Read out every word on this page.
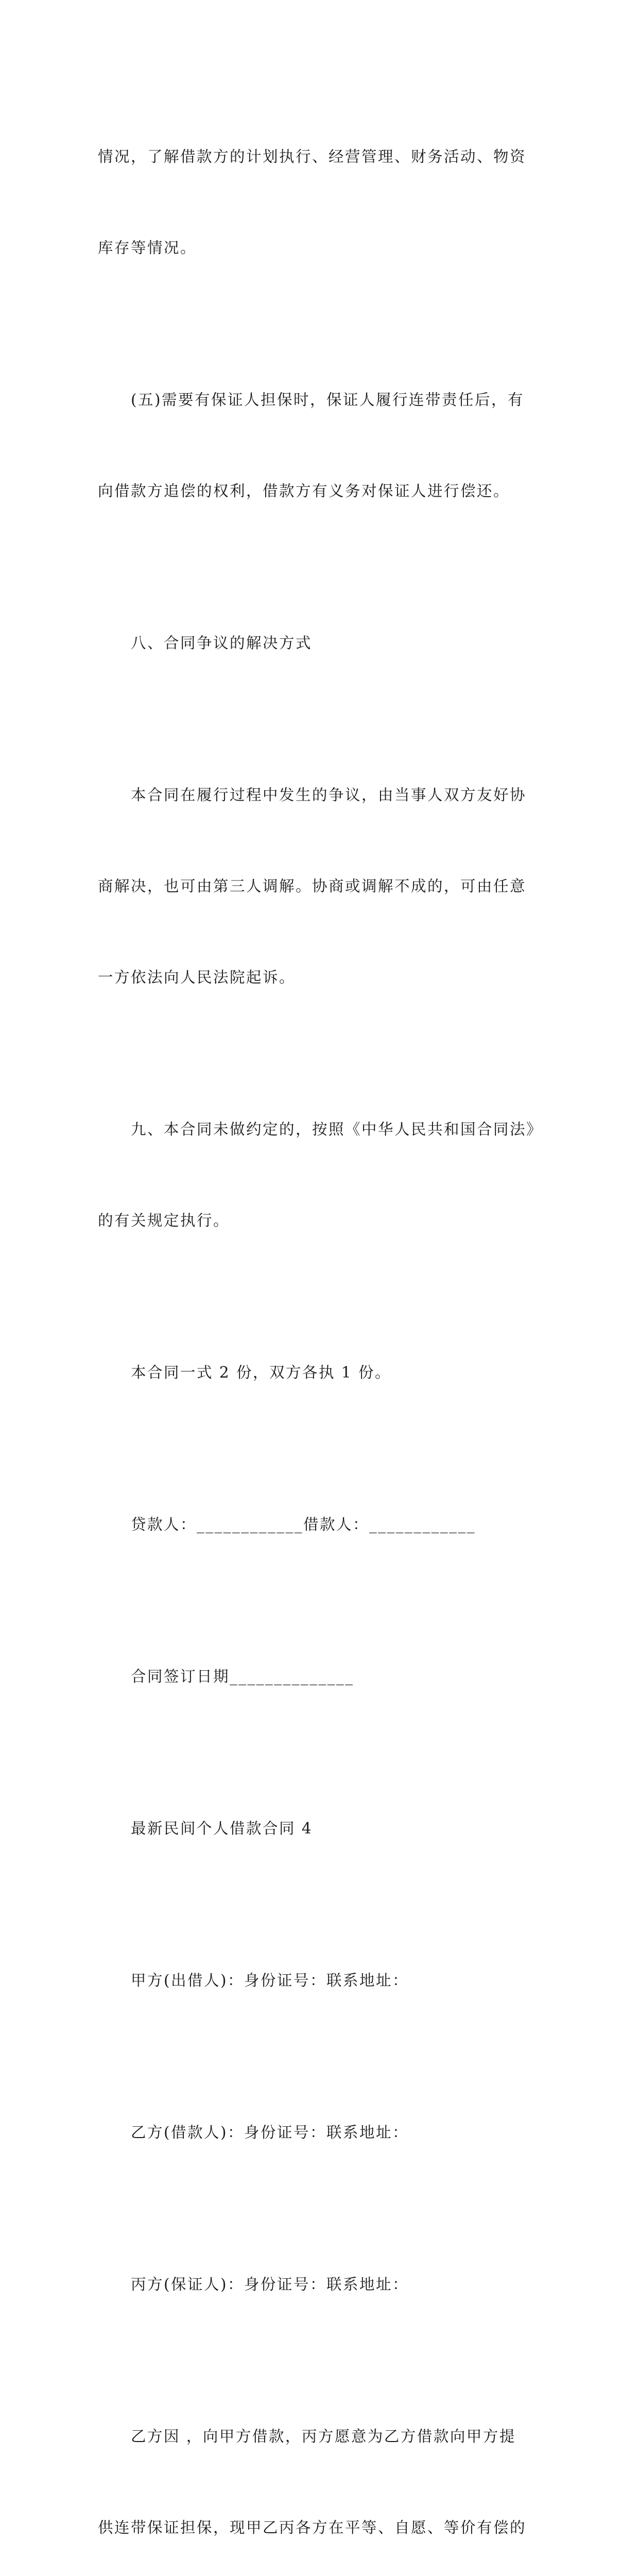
情况，了解借款方的计划执行、经营管理、财务活动、物资

库存等情况。

(五)需要有保证人担保时，保证人履行连带责任后，有

向借款方追偿的权利，借款方有义务对保证人进行偿还。

八、合同争议的解决方式

本合同在履行过程中发生的争议，由当事人双方友好协

商解决，也可由第三人调解。协商或调解不成的，可由任意

一方依法向人民法院起诉。

九、本合同未做约定的，按照《中华人民共和国合同法》

的有关规定执行。

本合同一式 2 份，双方各执 1 份。

贷款人：____________借款人：____________

合同签订日期______________

最新民间个人借款合同 4

甲方(出借人)：身份证号：联系地址：

乙方(借款人)：身份证号：联系地址：

丙方(保证人)：身份证号：联系地址：

乙方因 ，向甲方借款，丙方愿意为乙方借款向甲方提

供连带保证担保，现甲乙丙各方在平等、自愿、等价有偿的
